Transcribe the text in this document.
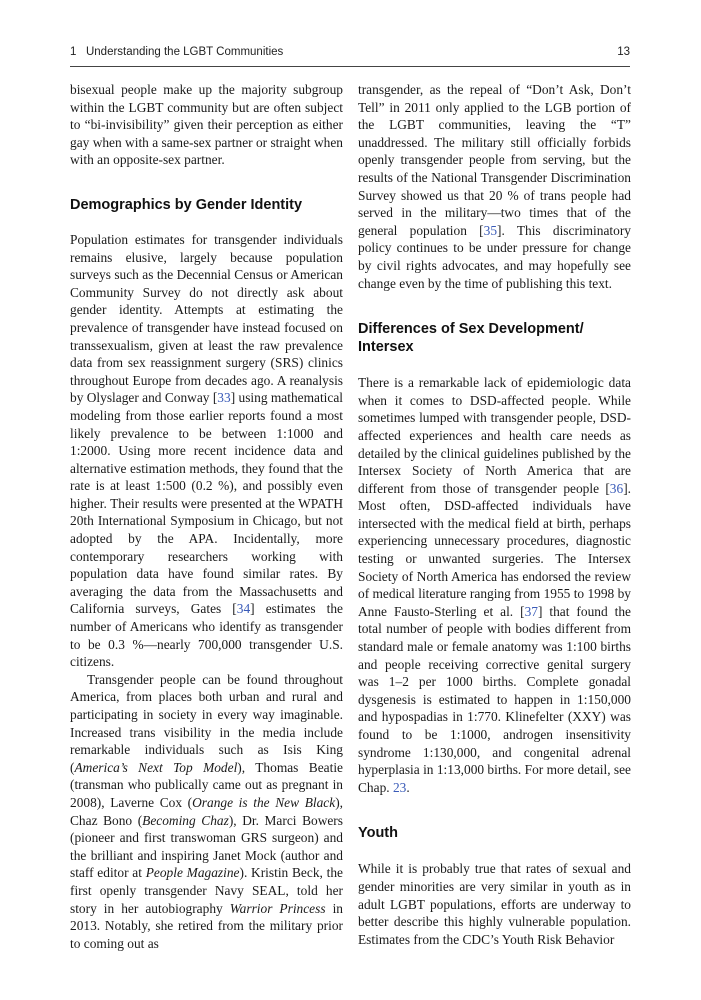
1   Understanding the LGBT Communities	13

bisexual people make up the majority subgroup within the LGBT community but are often subject to “bi-invisibility” given their perception as either gay when with a same-sex partner or straight when with an opposite-sex partner.

Demographics by Gender Identity

Population estimates for transgender individuals remains elusive, largely because population surveys such as the Decennial Census or American Community Survey do not directly ask about gender identity. Attempts at estimating the prevalence of transgender have instead focused on transsexualism, given at least the raw prevalence data from sex reassignment surgery (SRS) clinics throughout Europe from decades ago. A reanalysis by Olyslager and Conway [33] using mathematical modeling from those earlier reports found a most likely prevalence to be between 1:1000 and 1:2000. Using more recent incidence data and alternative estimation methods, they found that the rate is at least 1:500 (0.2 %), and possibly even higher. Their results were presented at the WPATH 20th International Symposium in Chicago, but not adopted by the APA. Incidentally, more contemporary researchers working with population data have found similar rates. By averaging the data from the Massachusetts and California surveys, Gates [34] estimates the number of Americans who identify as transgender to be 0.3 %—nearly 700,000 transgender U.S. citizens.

Transgender people can be found throughout America, from places both urban and rural and participating in society in every way imaginable. Increased trans visibility in the media include remarkable individuals such as Isis King (America’s Next Top Model), Thomas Beatie (transman who publically came out as pregnant in 2008), Laverne Cox (Orange is the New Black), Chaz Bono (Becoming Chaz), Dr. Marci Bowers (pioneer and first transwoman GRS surgeon) and the brilliant and inspiring Janet Mock (author and staff editor at People Magazine). Kristin Beck, the first openly transgender Navy SEAL, told her story in her autobiography Warrior Princess in 2013. Notably, she retired from the military prior to coming out as

transgender, as the repeal of “Don’t Ask, Don’t Tell” in 2011 only applied to the LGB portion of the LGBT communities, leaving the “T” unaddressed. The military still officially forbids openly transgender people from serving, but the results of the National Transgender Discrimination Survey showed us that 20 % of trans people had served in the military—two times that of the general population [35]. This discriminatory policy continues to be under pressure for change by civil rights advocates, and may hopefully see change even by the time of publishing this text.

Differences of Sex Development/ Intersex

There is a remarkable lack of epidemiologic data when it comes to DSD-affected people. While sometimes lumped with transgender people, DSD-affected experiences and health care needs as detailed by the clinical guidelines published by the Intersex Society of North America that are different from those of transgender people [36]. Most often, DSD-affected individuals have intersected with the medical field at birth, perhaps experiencing unnecessary procedures, diagnostic testing or unwanted surgeries. The Intersex Society of North America has endorsed the review of medical literature ranging from 1955 to 1998 by Anne Fausto-Sterling et al. [37] that found the total number of people with bodies different from standard male or female anatomy was 1:100 births and people receiving corrective genital surgery was 1–2 per 1000 births. Complete gonadal dysgenesis is estimated to happen in 1:150,000 and hypospadias in 1:770. Klinefelter (XXY) was found to be 1:1000, androgen insensitivity syndrome 1:130,000, and congenital adrenal hyperplasia in 1:13,000 births. For more detail, see Chap. 23.

Youth

While it is probably true that rates of sexual and gender minorities are very similar in youth as in adult LGBT populations, efforts are underway to better describe this highly vulnerable population. Estimates from the CDC’s Youth Risk Behavior
